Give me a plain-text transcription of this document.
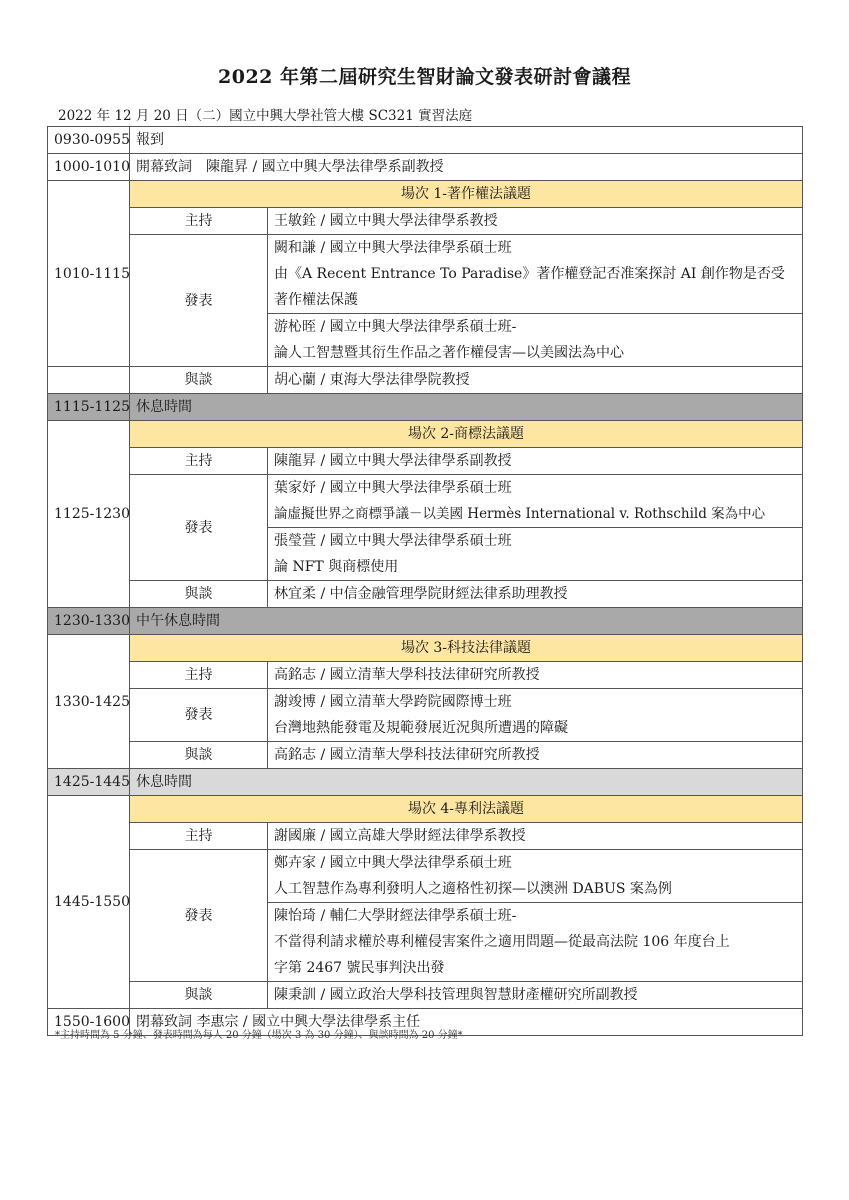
2022 年第二屆研究生智財論文發表研討會議程
2022 年 12 月 20 日（二）國立中興大學社管大樓 SC321 實習法庭
0930-0955	報到	
1000-1010	開幕致詞　陳龍昇 / 國立中興大學法律學系副教授	
1010-1115	場次 1-著作權法議題	
	主持	王敏銓 / 國立中興大學法律學系教授
	發表	闕和謙 / 國立中興大學法律學系碩士班
		由《A Recent Entrance To Paradise》著作權登記否准案探討 AI 創作物是否受
		著作權法保護
		游杺晊 / 國立中興大學法律學系碩士班-
		論人工智慧暨其衍生作品之著作權侵害—以美國法為中心
	與談	胡心蘭 / 東海大學法律學院教授
1115-1125	休息時間	
1125-1230	場次 2-商標法議題	
	主持	陳龍昇 / 國立中興大學法律學系副教授
	發表	葉家妤 / 國立中興大學法律學系碩士班
		論虛擬世界之商標爭議－以美國 Hermès International v. Rothschild 案為中心
		張瑩萱 / 國立中興大學法律學系碩士班
		論 NFT 與商標使用
	與談	林宜柔 / 中信金融管理學院財經法律系助理教授
1230-1330	中午休息時間	
1330-1425	場次 3-科技法律議題	
	主持	高銘志 / 國立清華大學科技法律研究所教授
	發表	謝竣博 / 國立清華大學跨院國際博士班
		台灣地熱能發電及規範發展近況與所遭遇的障礙
	與談	高銘志 / 國立清華大學科技法律研究所教授
1425-1445	休息時間	
1445-1550	場次 4-專利法議題	
	主持	謝國廉 / 國立高雄大學財經法律學系教授
	發表	鄭卉家 / 國立中興大學法律學系碩士班
		人工智慧作為專利發明人之適格性初探—以澳洲 DABUS 案為例
		陳怡琦 / 輔仁大學財經法律學系碩士班-
		不當得利請求權於專利權侵害案件之適用問題—從最高法院 106 年度台上
		字第 2467 號民事判決出發
	與談	陳秉訓 / 國立政治大學科技管理與智慧財產權研究所副教授
1550-1600	閉幕致詞 李惠宗 / 國立中興大學法律學系主任	
*主持時間為 5 分鐘、發表時間為每人 20 分鐘（場次 3 為 30 分鐘）、與談時間為 20 分鐘*
